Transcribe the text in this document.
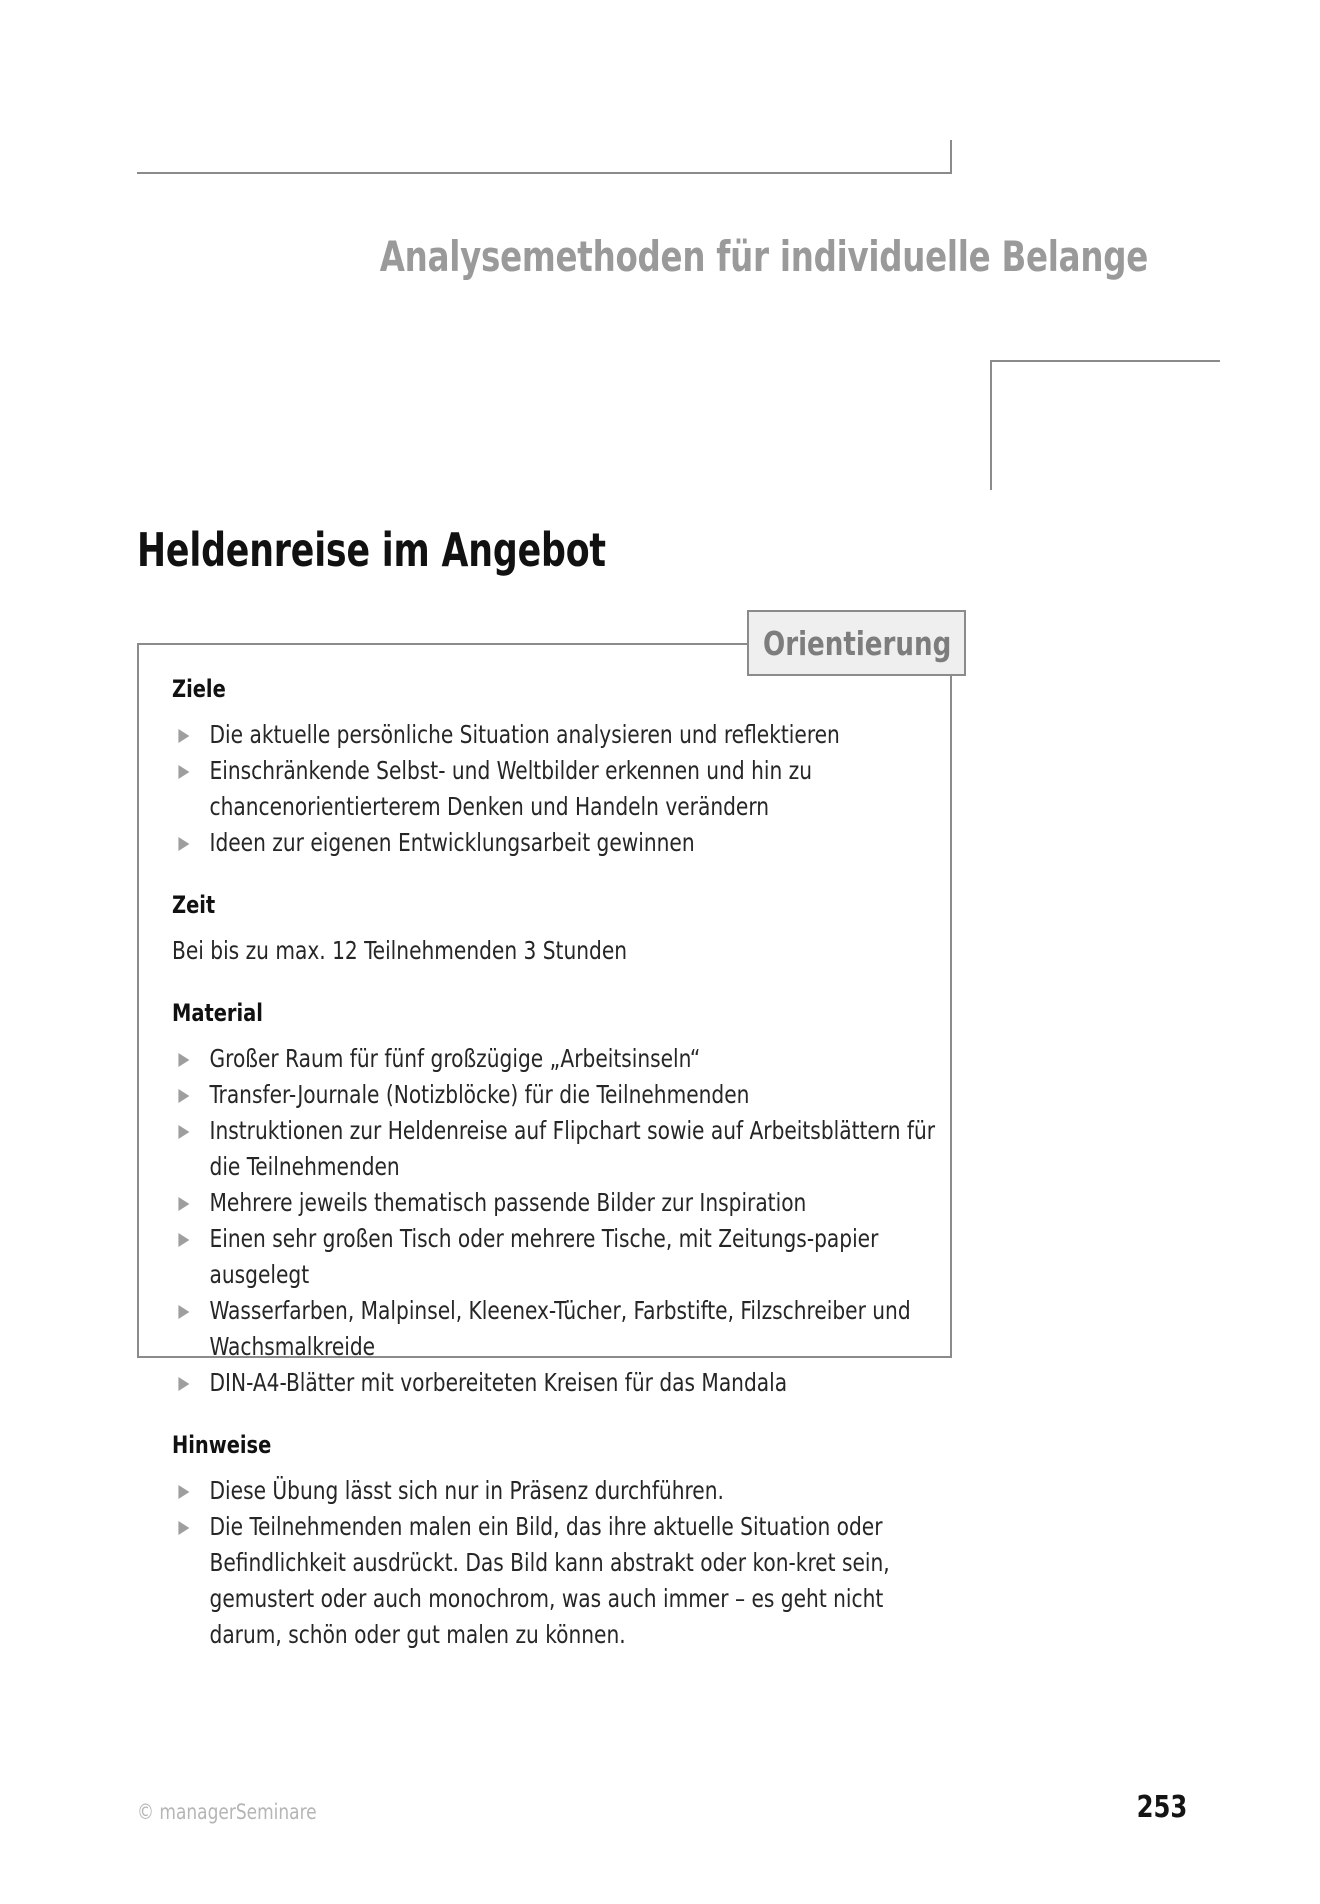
Analysemethoden für individuelle Belange
Heldenreise im Angebot
Orientierung
Ziele
Die aktuelle persönliche Situation analysieren und reflektieren
Einschränkende Selbst- und Weltbilder erkennen und hin zu chancenorientierterem Denken und Handeln verändern
Ideen zur eigenen Entwicklungsarbeit gewinnen
Zeit

Bei bis zu max. 12 Teilnehmenden 3 Stunden

Material
Großer Raum für fünf großzügige „Arbeitsinseln“
Transfer-Journale (Notizblöcke) für die Teilnehmenden
Instruktionen zur Heldenreise auf Flipchart sowie auf Arbeitsblättern für die Teilnehmenden
Mehrere jeweils thematisch passende Bilder zur Inspiration
Einen sehr großen Tisch oder mehrere Tische, mit Zeitungs-papier ausgelegt
Wasserfarben, Malpinsel, Kleenex-Tücher, Farbstifte, Filzschreiber und Wachsmalkreide
DIN-A4-Blätter mit vorbereiteten Kreisen für das Mandala
Hinweise
Diese Übung lässt sich nur in Präsenz durchführen.
Die Teilnehmenden malen ein Bild, das ihre aktuelle Situation oder Befindlichkeit ausdrückt. Das Bild kann abstrakt oder kon-kret sein, gemustert oder auch monochrom, was auch immer – es geht nicht darum, schön oder gut malen zu können.
© managerSeminare	253
